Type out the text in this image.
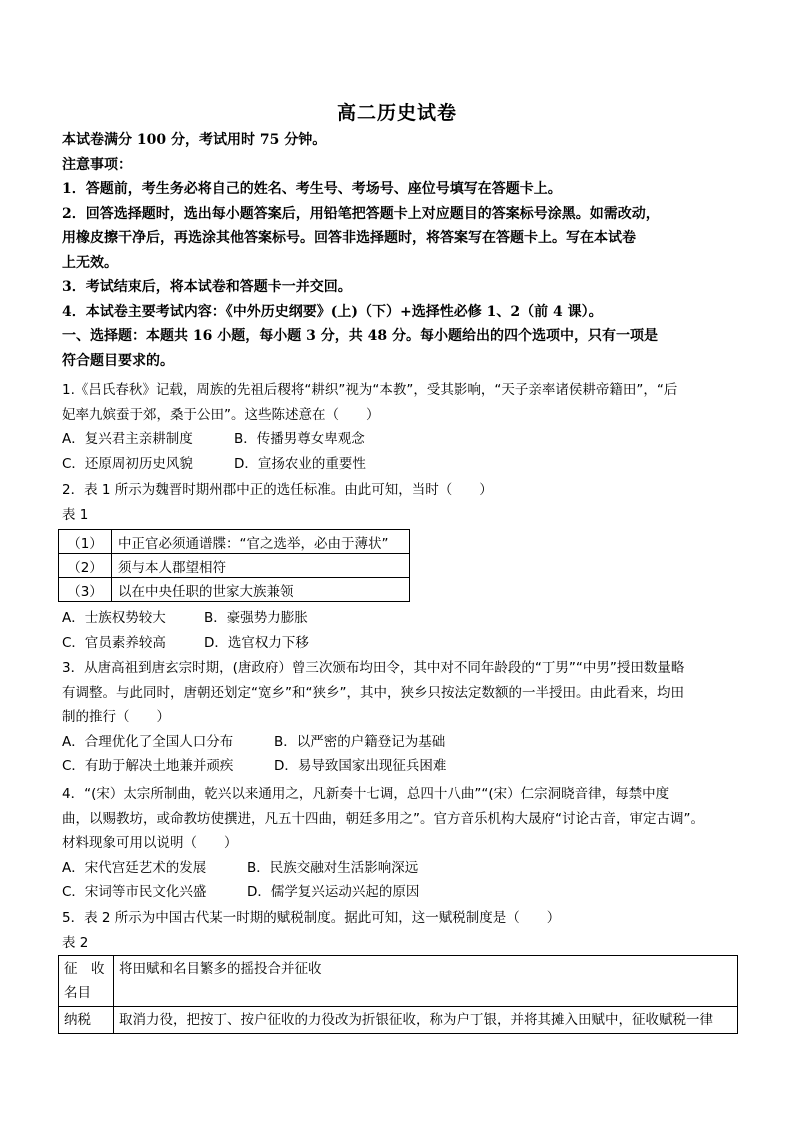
高二历史试卷
本试卷满分 100 分，考试用时 75 分钟。
注意事项：
1．答题前，考生务必将自己的姓名、考生号、考场号、座位号填写在答题卡上。
2．回答选择题时，选出每小题答案后，用铅笔把答题卡上对应题目的答案标号涂黑。如需改动，
用橡皮擦干净后，再选涂其他答案标号。回答非选择题时，将答案写在答题卡上。写在本试卷
上无效。
3．考试结束后，将本试卷和答题卡一并交回。
4．本试卷主要考试内容：《中外历史纲要》(上)（下）+选择性必修 1、2（前 4 课）。
一、选择题：本题共 16 小题，每小题 3 分，共 48 分。每小题给出的四个选项中，只有一项是
符合题目要求的。
1.《吕氏春秋》记载，周族的先祖后稷将“耕织”视为“本教”，受其影响，“天子亲率诸侯耕帝籍田”，“后
妃率九嫔蚕于郊，桑于公田”。这些陈述意在（　　）
A．复兴君主亲耕制度	B．传播男尊女卑观念
C．还原周初历史风貌	D．宣扬农业的重要性
2．表 1 所示为魏晋时期州郡中正的选任标准。由此可知，当时（　　）
表 1
（1）	中正官必须通谱牒：“官之选举，必由于薄状”
（2）	须与本人郡望相符
（3）	以在中央任职的世家大族兼领
A．士族权势较大	B．豪强势力膨胀
C．官员素养较高	D．选官权力下移
3．从唐高祖到唐玄宗时期，(唐政府）曾三次颁布均田令，其中对不同年龄段的“丁男”“中男”授田数量略
有调整。与此同时，唐朝还划定“宽乡”和“狭乡”，其中，狭乡只按法定数额的一半授田。由此看来，均田
制的推行（　　）
A．合理优化了全国人口分布	B．以严密的户籍登记为基础
C．有助于解决土地兼并顽疾	D．易导致国家出现征兵困难
4．“(宋）太宗所制曲，乾兴以来通用之，凡新奏十七调，总四十八曲”“(宋）仁宗洞晓音律，每禁中度
曲，以赐教坊，或命教坊使撰进，凡五十四曲，朝廷多用之”。官方音乐机构大晟府“讨论古音，审定古调”。
材料现象可用以说明（　　）
A．宋代宫廷艺术的发展	B．民族交融对生活影响深远
C．宋词等市民文化兴盛	D．儒学复兴运动兴起的原因
5．表 2 所示为中国古代某一时期的赋税制度。据此可知，这一赋税制度是（　　）
表 2
征　收
名目	将田赋和名目繁多的摇投合并征收

纳税	取消力役，把按丁、按户征收的力役改为折银征收，称为户丁银，并将其摊入田赋中，征收赋税一律
